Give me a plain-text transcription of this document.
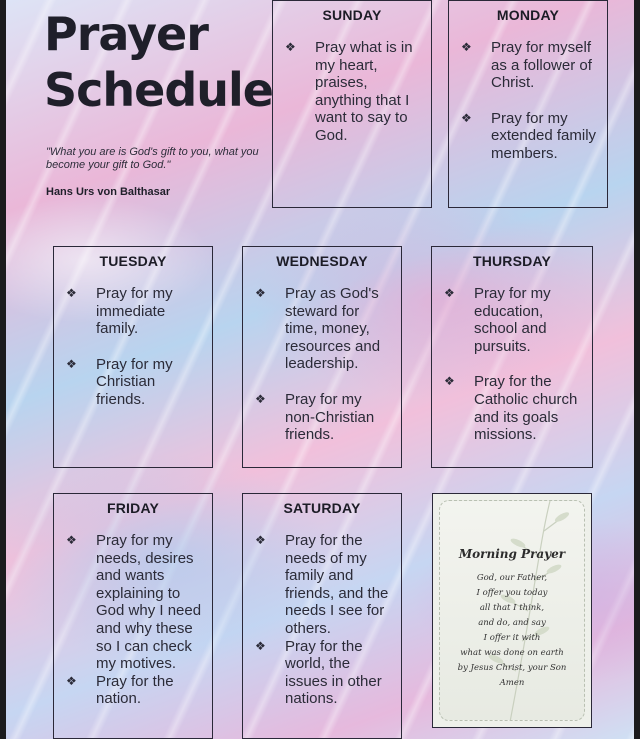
Prayer
Schedule
"What you are is God's gift to you, what you become your gift to God."
Hans Urs von Balthasar
SUNDAY
❖ Pray what is in my heart, praises, anything that I want to say to God.
MONDAY
❖ Pray for myself as a follower of Christ.
❖ Pray for my extended family members.
TUESDAY
❖ Pray for my immediate family.
❖ Pray for my Christian friends.
WEDNESDAY
❖ Pray as God's steward for time, money, resources and leadership.
❖ Pray for my non-Christian friends.
THURSDAY
❖ Pray for my education, school and pursuits.
❖ Pray for the Catholic church and its goals missions.
FRIDAY
❖ Pray for my needs, desires and wants explaining to God why I need and why these so I can check my motives.
❖ Pray for the nation.
SATURDAY
❖ Pray for the needs of my family and friends, and the needs I see for others.
❖ Pray for the world, the issues in other nations.
Morning Prayer
God, our Father,
I offer you today
all that I think,
and do, and say
I offer it with
what was done on earth
by Jesus Christ, your Son
Amen
